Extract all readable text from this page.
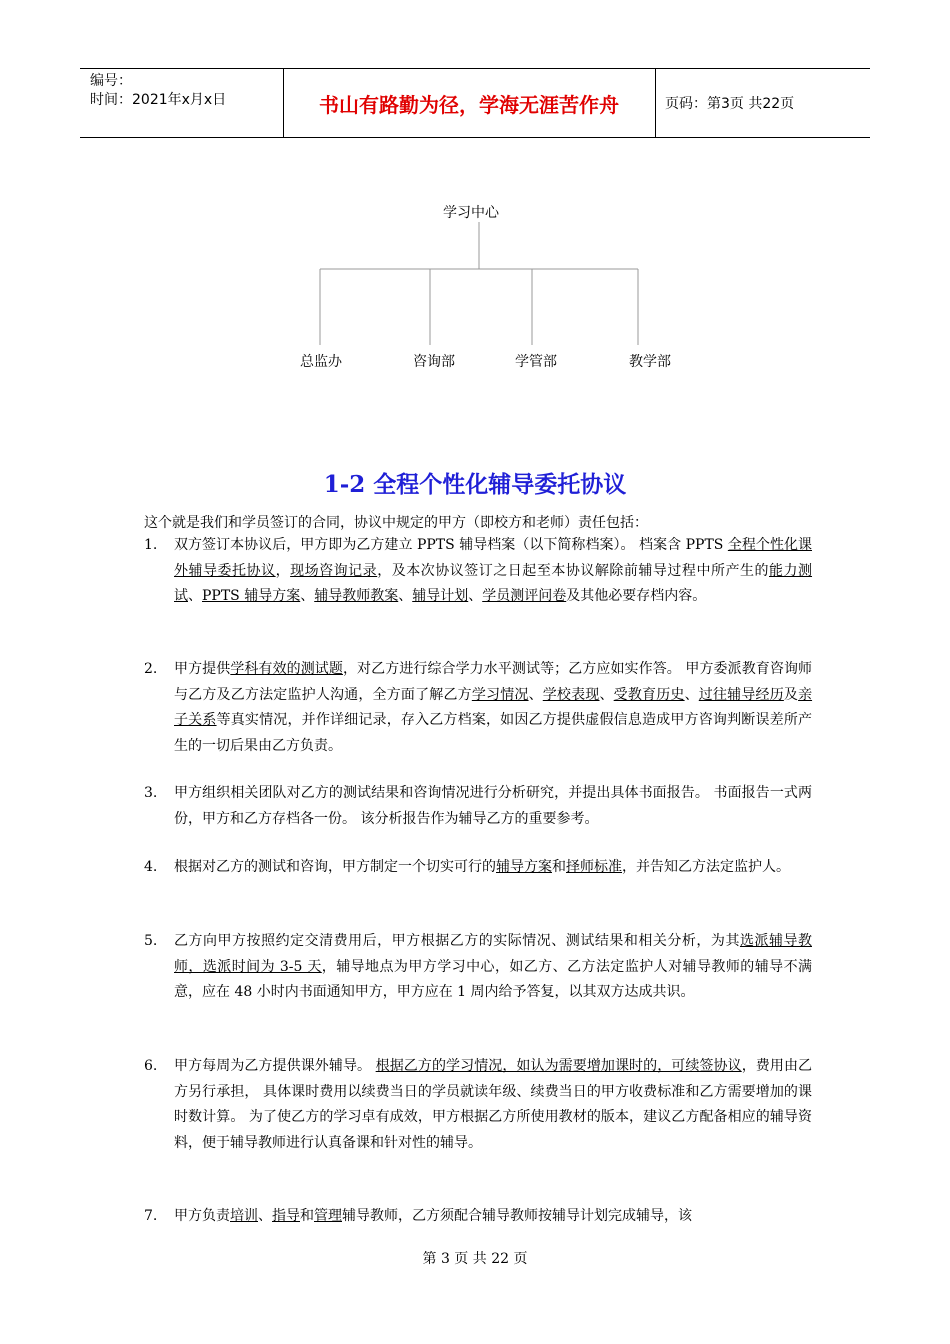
编号：
时间：2021年x月x日	书山有路勤为径，学海无涯苦作舟	页码：第3页 共22页
学习中心
总监办	咨询部	学管部	教学部
1-2 全程个性化辅导委托协议
这个就是我们和学员签订的合同，协议中规定的甲方（即校方和老师）责任包括：
1. 双方签订本协议后，甲方即为乙方建立 PPTS 辅导档案（以下简称档案）。 档案含 PPTS 全程个性化课外辅导委托协议，现场咨询记录，及本次协议签订之日起至本协议解除前辅导过程中所产生的能力测试、PPTS 辅导方案、辅导教师教案、辅导计划、学员测评问卷及其他必要存档内容。
2. 甲方提供学科有效的测试题，对乙方进行综合学力水平测试等；乙方应如实作答。 甲方委派教育咨询师与乙方及乙方法定监护人沟通，全方面了解乙方学习情况、学校表现、受教育历史、过往辅导经历及亲子关系等真实情况，并作详细记录，存入乙方档案，如因乙方提供虚假信息造成甲方咨询判断误差所产生的一切后果由乙方负责。
3. 甲方组织相关团队对乙方的测试结果和咨询情况进行分析研究，并提出具体书面报告。 书面报告一式两份，甲方和乙方存档各一份。 该分析报告作为辅导乙方的重要参考。
4. 根据对乙方的测试和咨询，甲方制定一个切实可行的辅导方案和择师标准，并告知乙方法定监护人。
5. 乙方向甲方按照约定交清费用后，甲方根据乙方的实际情况、测试结果和相关分析，为其选派辅导教师，选派时间为 3-5 天，辅导地点为甲方学习中心，如乙方、乙方法定监护人对辅导教师的辅导不满意，应在 48 小时内书面通知甲方，甲方应在 1 周内给予答复，以其双方达成共识。
6. 甲方每周为乙方提供课外辅导。 根据乙方的学习情况，如认为需要增加课时的，可续签协议，费用由乙方另行承担， 具体课时费用以续费当日的学员就读年级、续费当日的甲方收费标准和乙方需要增加的课时数计算。 为了使乙方的学习卓有成效，甲方根据乙方所使用教材的版本，建议乙方配备相应的辅导资料，便于辅导教师进行认真备课和针对性的辅导。
7. 甲方负责培训、指导和管理辅导教师，乙方须配合辅导教师按辅导计划完成辅导，该
第 3 页 共 22 页
